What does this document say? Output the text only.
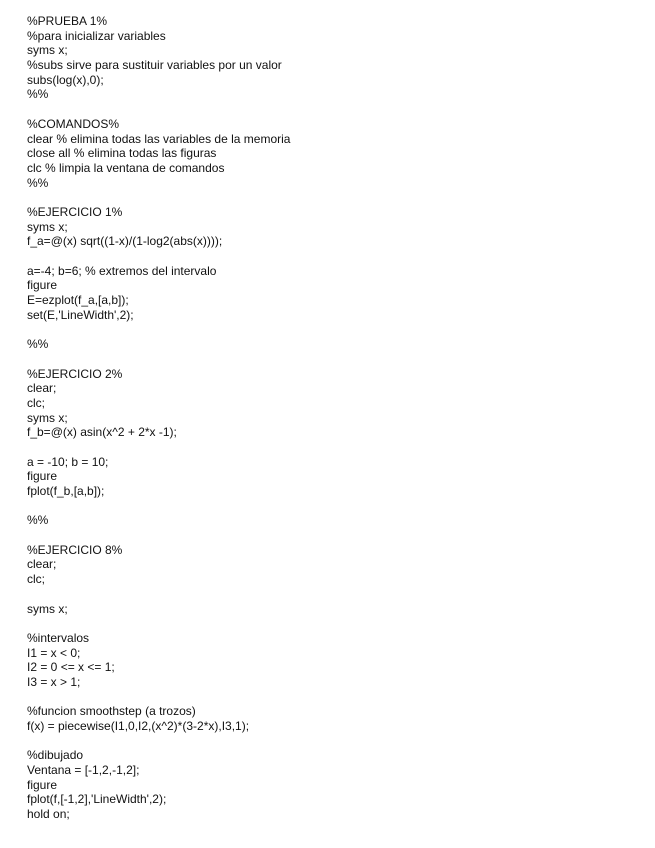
%PRUEBA 1%
%para inicializar variables
syms x;
%subs sirve para sustituir variables por un valor
subs(log(x),0);
%%
%COMANDOS%
clear % elimina todas las variables de la memoria
close all % elimina todas las figuras
clc % limpia la ventana de comandos
%%
%EJERCICIO 1%
syms x;
f_a=@(x) sqrt((1-x)/(1-log2(abs(x))));
a=-4; b=6; % extremos del intervalo
figure
E=ezplot(f_a,[a,b]);
set(E,'LineWidth',2);
%%
%EJERCICIO 2%
clear;
clc;
syms x;
f_b=@(x) asin(x^2 + 2*x -1);
a = -10; b = 10;
figure
fplot(f_b,[a,b]);
%%
%EJERCICIO 8%
clear;
clc;
syms x;
%intervalos
I1 = x < 0;
I2 = 0 <= x <= 1;
I3 = x > 1;
%funcion smoothstep (a trozos)
f(x) = piecewise(I1,0,I2,(x^2)*(3-2*x),I3,1);
%dibujado
Ventana = [-1,2,-1,2];
figure
fplot(f,[-1,2],'LineWidth',2);
hold on;
